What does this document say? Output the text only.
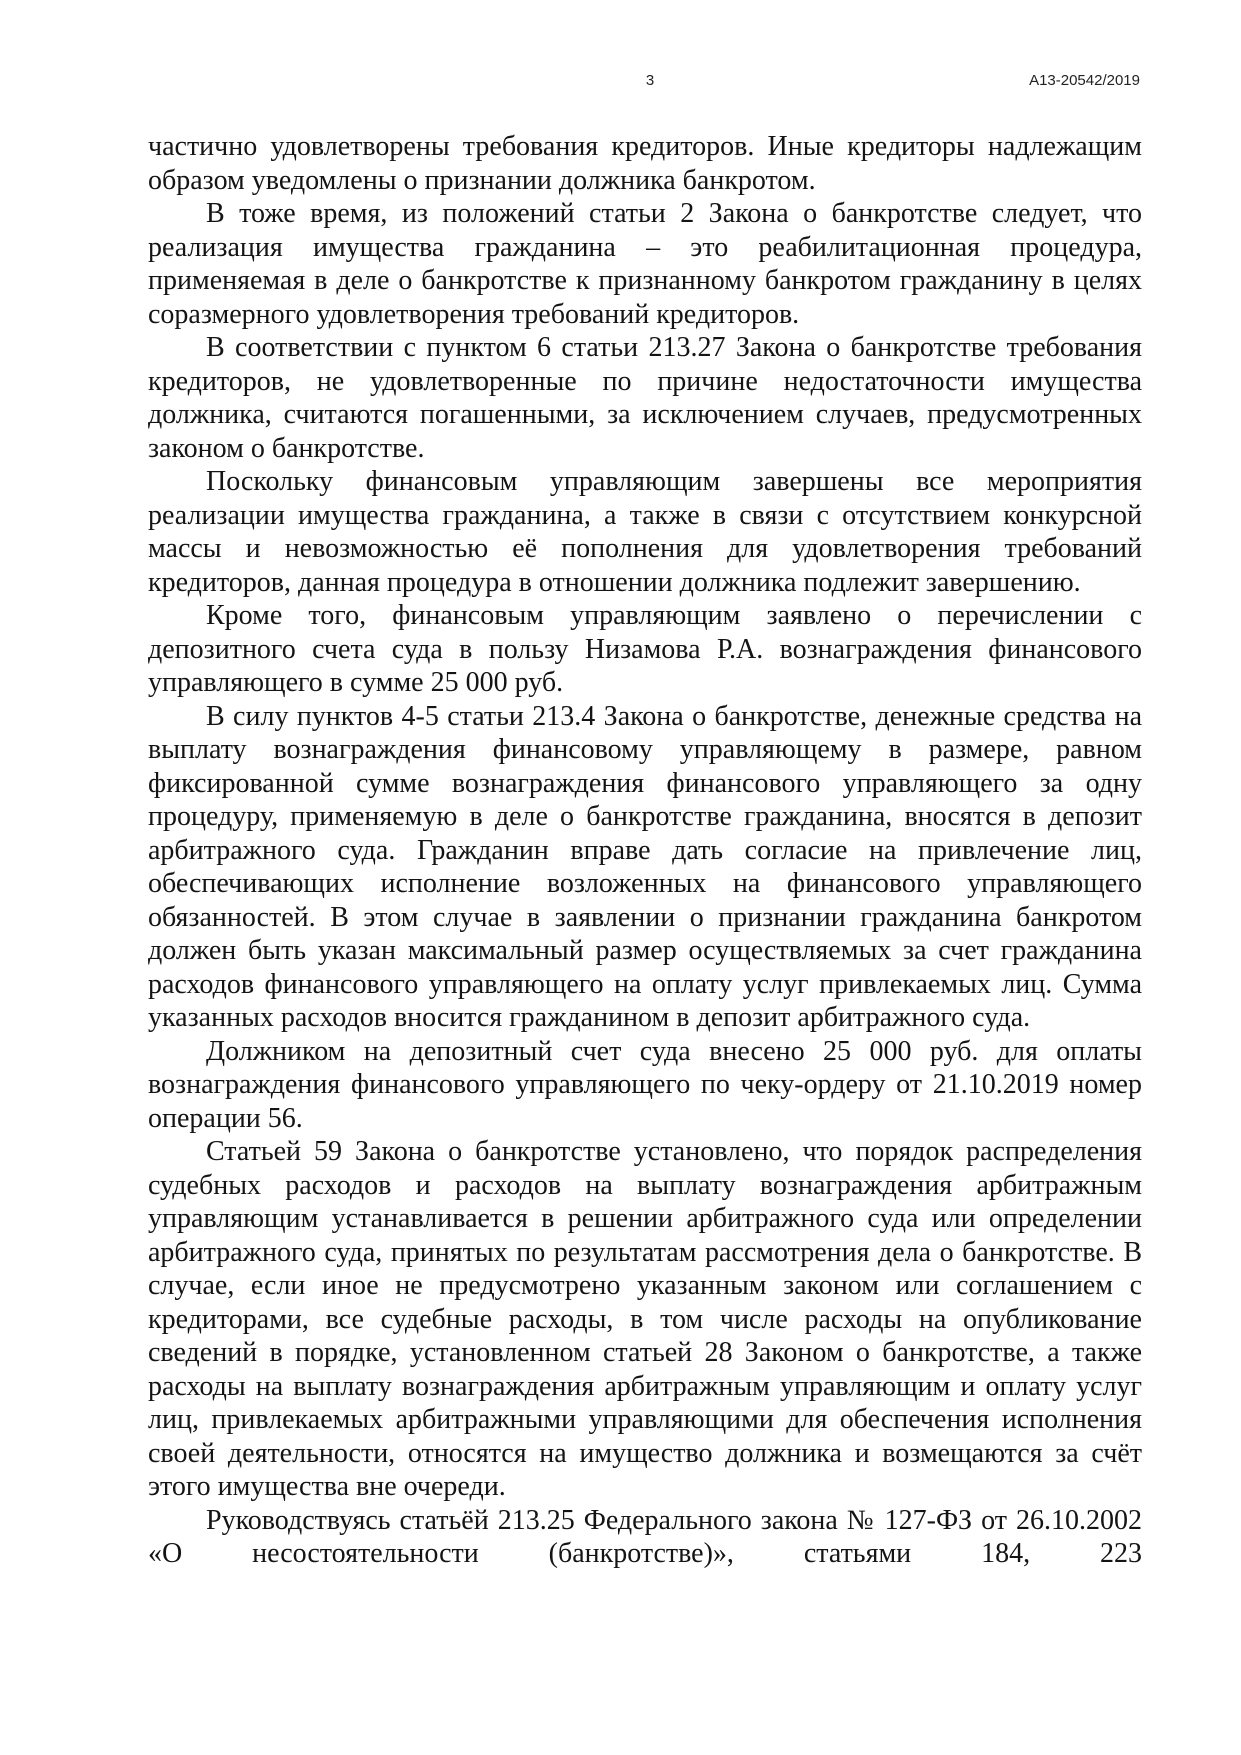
3	А13-20542/2019

частично удовлетворены требования кредиторов. Иные кредиторы надлежащим образом уведомлены о признании должника банкротом.

В тоже время, из положений статьи 2 Закона о банкротстве следует, что реализация имущества гражданина – это реабилитационная процедура, применяемая в деле о банкротстве к признанному банкротом гражданину в целях соразмерного удовлетворения требований кредиторов.

В соответствии с пунктом 6 статьи 213.27 Закона о банкротстве требования кредиторов, не удовлетворенные по причине недостаточности имущества должника, считаются погашенными, за исключением случаев, предусмотренных законом о банкротстве.

Поскольку финансовым управляющим завершены все мероприятия реализации имущества гражданина, а также в связи с отсутствием конкурсной массы и невозможностью её пополнения для удовлетворения требований кредиторов, данная процедура в отношении должника подлежит завершению.

Кроме того, финансовым управляющим заявлено о перечислении с депозитного счета суда в пользу Низамова Р.А. вознаграждения финансового управляющего в сумме 25 000 руб.

В силу пунктов 4-5 статьи 213.4 Закона о банкротстве, денежные средства на выплату вознаграждения финансовому управляющему в размере, равном фиксированной сумме вознаграждения финансового управляющего за одну процедуру, применяемую в деле о банкротстве гражданина, вносятся в депозит арбитражного суда. Гражданин вправе дать согласие на привлечение лиц, обеспечивающих исполнение возложенных на финансового управляющего обязанностей. В этом случае в заявлении о признании гражданина банкротом должен быть указан максимальный размер осуществляемых за счет гражданина расходов финансового управляющего на оплату услуг привлекаемых лиц. Сумма указанных расходов вносится гражданином в депозит арбитражного суда.

Должником на депозитный счет суда внесено 25 000 руб. для оплаты вознаграждения финансового управляющего по чеку-ордеру от 21.10.2019 номер операции 56.

Статьей 59 Закона о банкротстве установлено, что порядок распределения судебных расходов и расходов на выплату вознаграждения арбитражным управляющим устанавливается в решении арбитражного суда или определении арбитражного суда, принятых по результатам рассмотрения дела о банкротстве. В случае, если иное не предусмотрено указанным законом или соглашением с кредиторами, все судебные расходы, в том числе расходы на опубликование сведений в порядке, установленном статьей 28 Законом о банкротстве, а также расходы на выплату вознаграждения арбитражным управляющим и оплату услуг лиц, привлекаемых арбитражными управляющими для обеспечения исполнения своей деятельности, относятся на имущество должника и возмещаются за счёт этого имущества вне очереди.

Руководствуясь статьёй 213.25 Федерального закона № 127-ФЗ от 26.10.2002 «О несостоятельности (банкротстве)», статьями 184, 223
